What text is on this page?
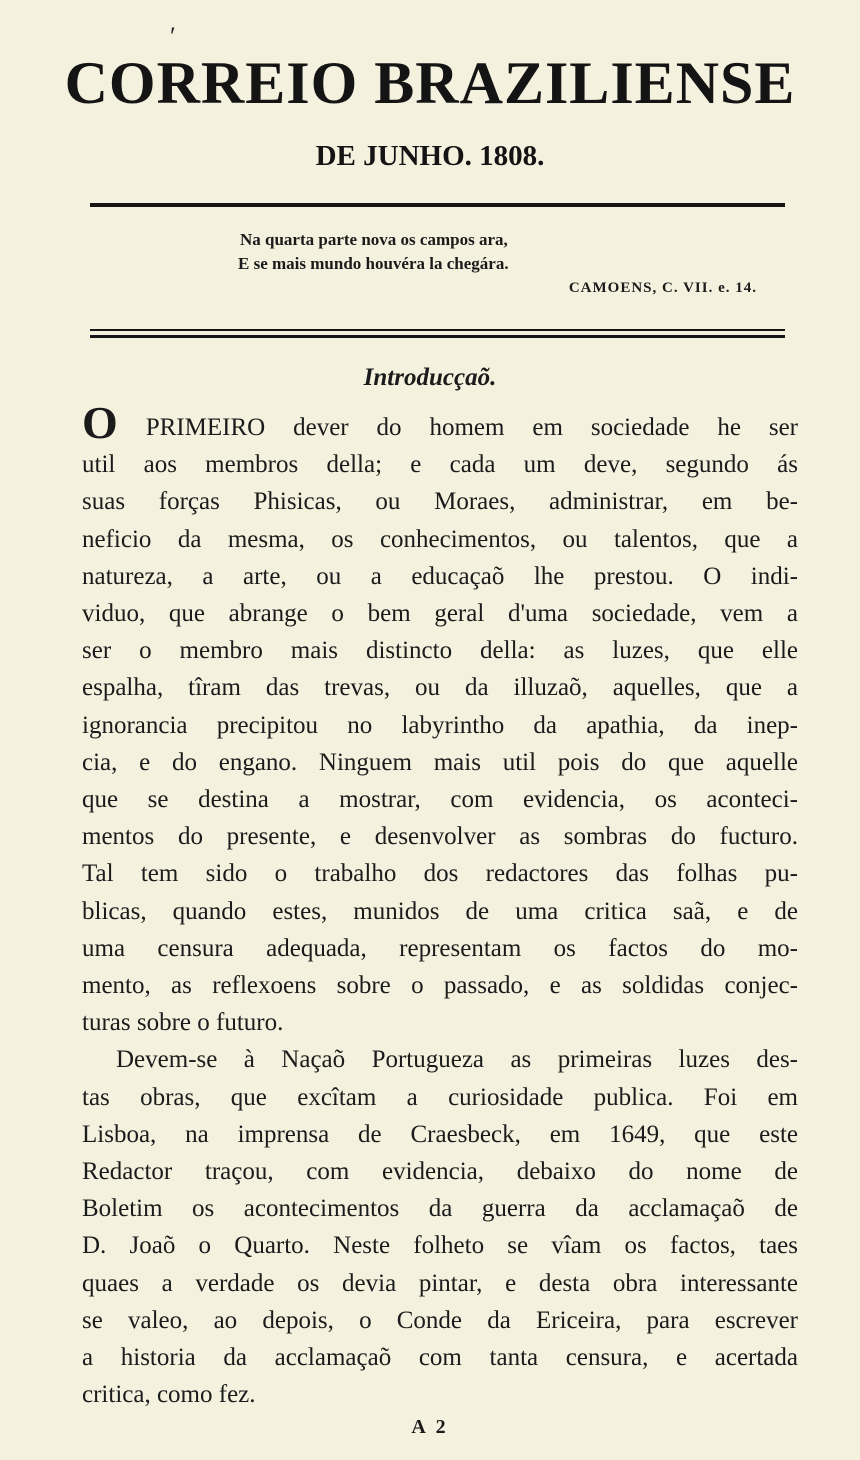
′
CORREIO BRAZILIENSE
DE JUNHO. 1808.
Na quarta parte nova os campos ara,
E se mais mundo houvéra la chegára.
CAMOENS, C. VII. e. 14.
Introducçaõ.

O PRIMEIRO dever do homem em sociedade he ser

util aos membros della; e cada um deve, segundo ás

suas forças Phisicas, ou Moraes, administrar, em be-

neficio da mesma, os conhecimentos, ou talentos, que a

natureza, a arte, ou a educaçaõ lhe prestou. O indi-

viduo, que abrange o bem geral d'uma sociedade, vem a

ser o membro mais distincto della: as luzes, que elle

espalha, tîram das trevas, ou da illuzaõ, aquelles, que a

ignorancia precipitou no labyrintho da apathia, da inep-

cia, e do engano. Ninguem mais util pois do que aquelle

que se destina a mostrar, com evidencia, os aconteci-

mentos do presente, e desenvolver as sombras do fucturo.

Tal tem sido o trabalho dos redactores das folhas pu-

blicas, quando estes, munidos de uma critica saã, e de

uma censura adequada, representam os factos do mo-

mento, as reflexoens sobre o passado, e as soldidas conjec-

turas sobre o futuro.

Devem-se à Naçaõ Portugueza as primeiras luzes des-

tas obras, que excîtam a curiosidade publica. Foi em

Lisboa, na imprensa de Craesbeck, em 1649, que este

Redactor traçou, com evidencia, debaixo do nome de

Boletim os acontecimentos da guerra da acclamaçaõ de

D. Joaõ o Quarto. Neste folheto se vîam os factos, taes

quaes a verdade os devia pintar, e desta obra interessante

se valeo, ao depois, o Conde da Ericeira, para escrever

a historia da acclamaçaõ com tanta censura, e acertada

critica, como fez.

A 2
